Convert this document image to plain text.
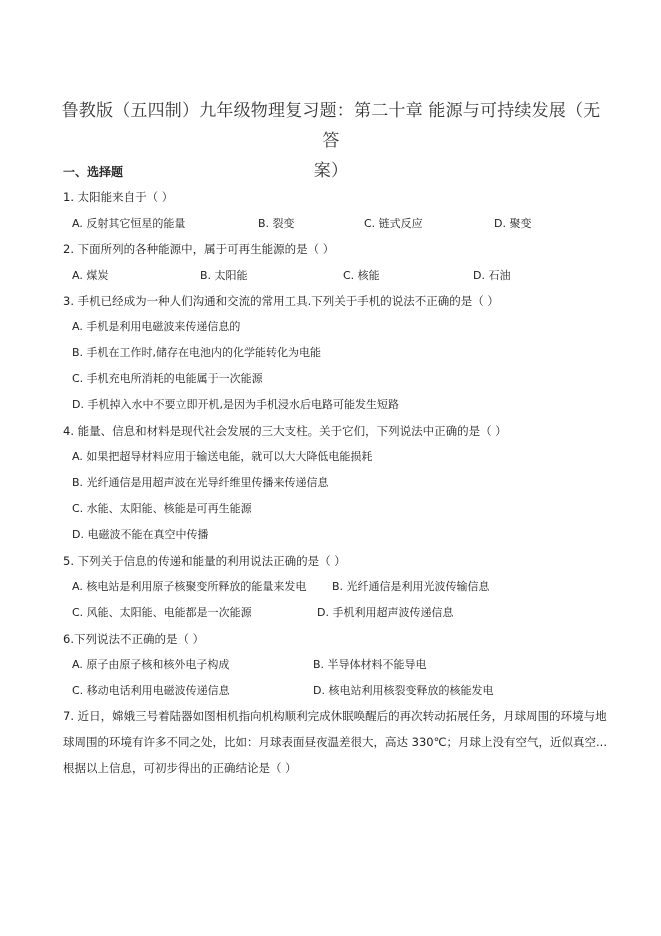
鲁教版（五四制）九年级物理复习题：第二十章 能源与可持续发展（无答
案）
一、选择题
1. 太阳能来自于（ ）
A. 反射其它恒星的能量	B. 裂变	C. 链式反应	D. 聚变
2. 下面所列的各种能源中，属于可再生能源的是（ ）
A. 煤炭	B. 太阳能	C. 核能	D. 石油
3. 手机已经成为一种人们沟通和交流的常用工具.下列关于手机的说法不正确的是（ ）
A. 手机是利用电磁波来传递信息的
B. 手机在工作时,储存在电池内的化学能转化为电能
C. 手机充电所消耗的电能属于一次能源
D. 手机掉入水中不要立即开机,是因为手机浸水后电路可能发生短路
4. 能量、信息和材料是现代社会发展的三大支柱。关于它们，下列说法中正确的是（ ）
A. 如果把超导材料应用于输送电能，就可以大大降低电能损耗
B. 光纤通信是用超声波在光导纤维里传播来传递信息
C. 水能、太阳能、核能是可再生能源
D. 电磁波不能在真空中传播
5. 下列关于信息的传递和能量的利用说法正确的是（ ）
A. 核电站是利用原子核聚变所释放的能量来发电 B. 光纤通信是利用光波传输信息
C. 风能、太阳能、电能都是一次能源	D. 手机利用超声波传递信息
6.下列说法不正确的是（ ）
A. 原子由原子核和核外电子构成	B. 半导体材料不能导电
C. 移动电话利用电磁波传递信息	D. 核电站利用核裂变释放的核能发电
7. 近日，嫦娥三号着陆器如图相机指向机构顺利完成休眠唤醒后的再次转动拓展任务，月球周围的环境与地球周围的环境有许多不同之处，比如：月球表面昼夜温差很大，高达 330℃；月球上没有空气，近似真空...根据以上信息，可初步得出的正确结论是（ ）
